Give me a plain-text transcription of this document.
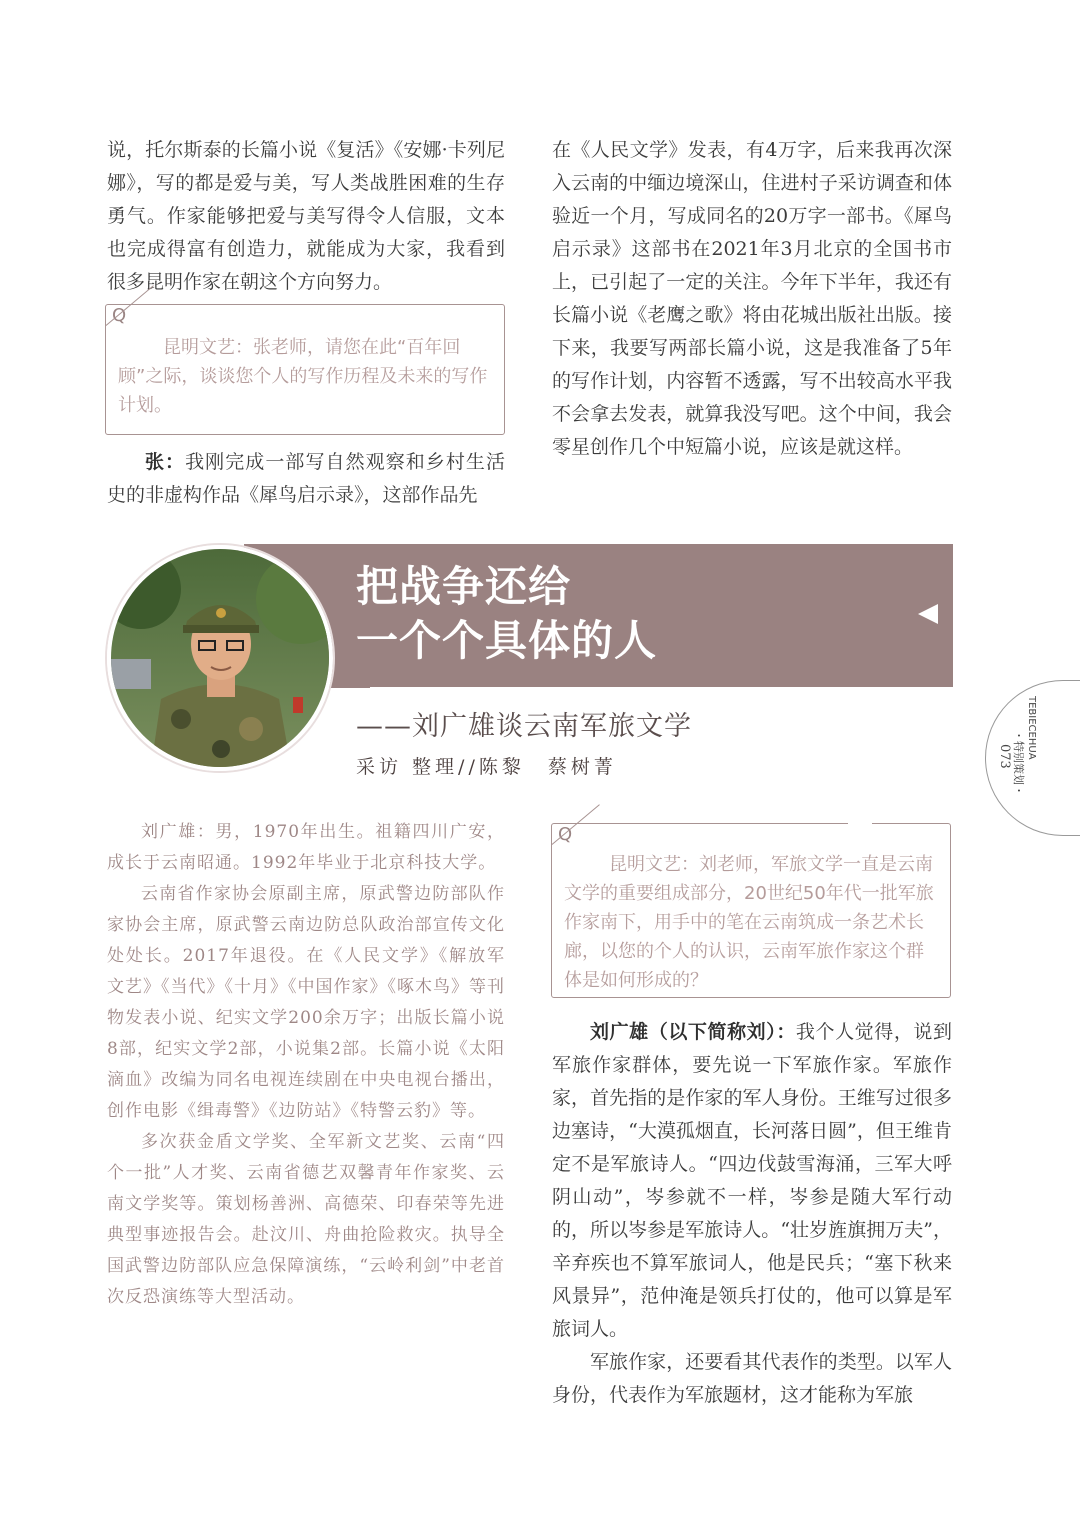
说，托尔斯泰的长篇小说《复活》《安娜·卡列尼娜》，写的都是爱与美，写人类战胜困难的生存勇气。作家能够把爱与美写得令人信服，文本也完成得富有创造力，就能成为大家，我看到很多昆明作家在朝这个方向努力。

Q
昆明文艺：张老师，请您在此“百年回顾”之际，谈谈您个人的写作历程及未来的写作计划。

张：我刚完成一部写自然观察和乡村生活史的非虚构作品《犀鸟启示录》，这部作品先

在《人民文学》发表，有4万字，后来我再次深入云南的中缅边境深山，住进村子采访调查和体验近一个月，写成同名的20万字一部书。《犀鸟启示录》这部书在2021年3月北京的全国书市上，已引起了一定的关注。今年下半年，我还有长篇小说《老鹰之歌》将由花城出版社出版。接下来，我要写两部长篇小说，这是我准备了5年的写作计划，内容暂不透露，写不出较高水平我不会拿去发表，就算我没写吧。这个中间，我会零星创作几个中短篇小说，应该是就这样。

把战争还给
一个个具体的人
——刘广雄谈云南军旅文学
采访 整理//陈黎　蔡树菁
TEBIECEHUA
・特别策划・
073

刘广雄：男，1970年出生。祖籍四川广安，成长于云南昭通。1992年毕业于北京科技大学。

云南省作家协会原副主席，原武警边防部队作家协会主席，原武警云南边防总队政治部宣传文化处处长。2017年退役。在《人民文学》《解放军文艺》《当代》《十月》《中国作家》《啄木鸟》等刊物发表小说、纪实文学200余万字；出版长篇小说8部，纪实文学2部，小说集2部。长篇小说《太阳滴血》改编为同名电视连续剧在中央电视台播出，创作电影《缉毒警》《边防站》《特警云豹》等。

多次获金盾文学奖、全军新文艺奖、云南“四个一批”人才奖、云南省德艺双馨青年作家奖、云南文学奖等。策划杨善洲、高德荣、印春荣等先进典型事迹报告会。赴汶川、舟曲抢险救灾。执导全国武警边防部队应急保障演练，“云岭利剑”中老首次反恐演练等大型活动。

Q
昆明文艺：刘老师，军旅文学一直是云南文学的重要组成部分，20世纪50年代一批军旅作家南下，用手中的笔在云南筑成一条艺术长廊，以您的个人的认识，云南军旅作家这个群体是如何形成的？

刘广雄（以下简称刘）：我个人觉得，说到军旅作家群体，要先说一下军旅作家。军旅作家，首先指的是作家的军人身份。王维写过很多边塞诗，“大漠孤烟直，长河落日圆”，但王维肯定不是军旅诗人。“四边伐鼓雪海涌，三军大呼阴山动”，岑参就不一样，岑参是随大军行动的，所以岑参是军旅诗人。“壮岁旌旗拥万夫”，辛弃疾也不算军旅词人，他是民兵；“塞下秋来风景异”，范仲淹是领兵打仗的，他可以算是军旅词人。

军旅作家，还要看其代表作的类型。以军人身份，代表作为军旅题材，这才能称为军旅
